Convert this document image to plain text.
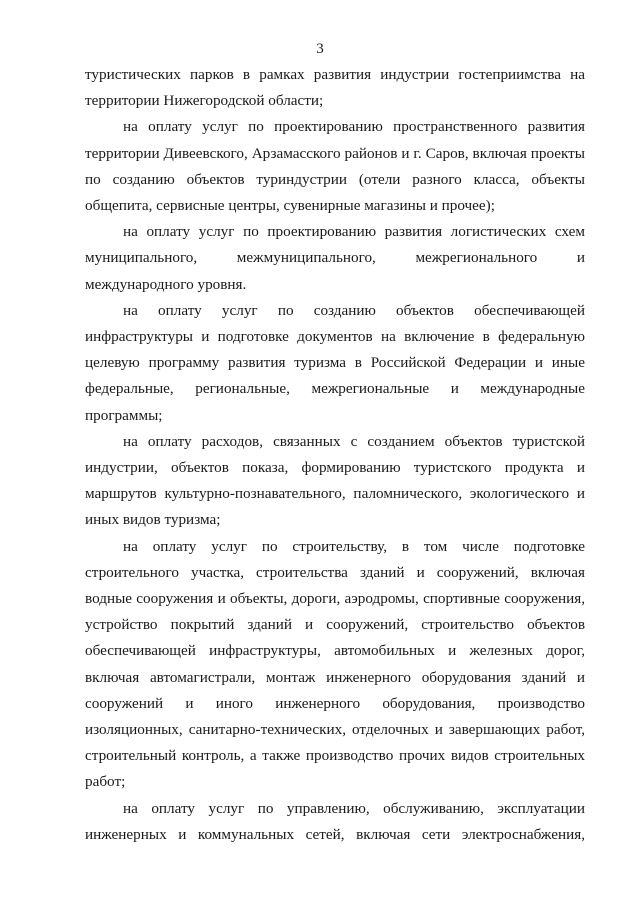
3

туристических парков в рамках развития индустрии гостеприимства на территории Нижегородской области;

на оплату услуг по проектированию пространственного развития территории Дивеевского, Арзамасского районов и г. Саров, включая проекты по созданию объектов туриндустрии (отели разного класса, объекты общепита, сервисные центры, сувенирные магазины и прочее);

на оплату услуг по проектированию развития логистических схем муниципального, межмуниципального, межрегионального и международного уровня.

на оплату услуг по созданию объектов обеспечивающей инфраструктуры и подготовке документов на включение в федеральную целевую программу развития туризма в Российской Федерации и иные федеральные, региональные, межрегиональные и международные программы;

на оплату расходов, связанных с созданием объектов туристской индустрии, объектов показа, формированию туристского продукта и маршрутов культурно-познавательного, паломнического, экологического и иных видов туризма;

на оплату услуг по строительству, в том числе подготовке строительного участка, строительства зданий и сооружений, включая водные сооружения и объекты, дороги, аэродромы, спортивные сооружения, устройство покрытий зданий и сооружений, строительство объектов обеспечивающей инфраструктуры, автомобильных и железных дорог, включая автомагистрали, монтаж инженерного оборудования зданий и сооружений и иного инженерного оборудования, производство изоляционных, санитарно-технических, отделочных и завершающих работ, строительный контроль, а также производство прочих видов строительных работ;

на оплату услуг по управлению, обслуживанию, эксплуатации инженерных и коммунальных сетей, включая сети электроснабжения,
